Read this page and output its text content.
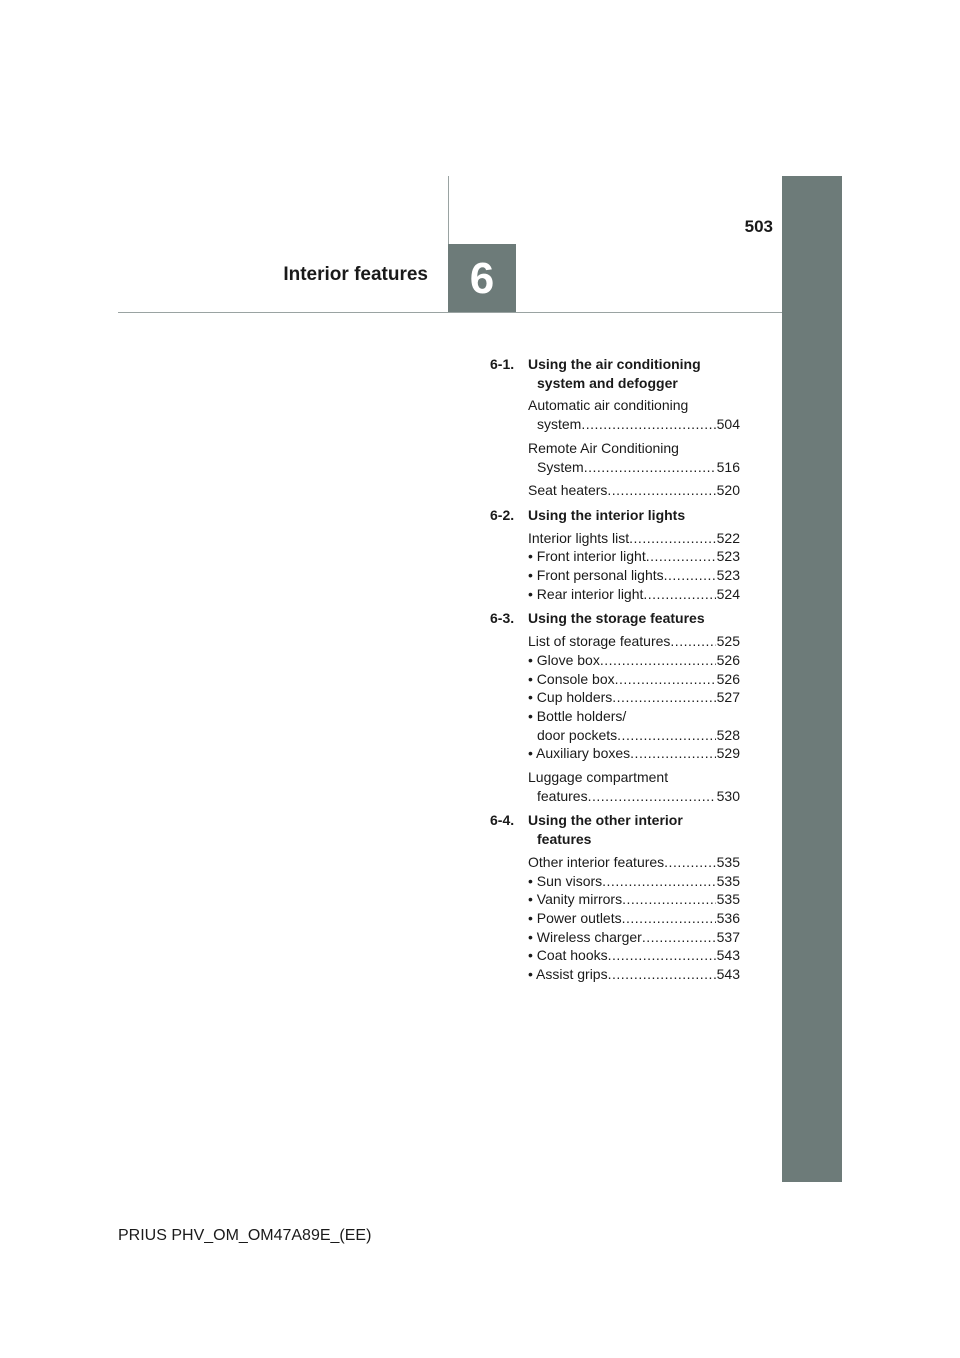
503
6
Interior features
6-1. Using the air conditioning
system and defogger
Automatic air conditioning
system .....	504
Remote Air Conditioning
System .....	516
Seat heaters .....	520
6-2. Using the interior lights
Interior lights list .....	522
• Front interior light .....	523
• Front personal lights .....	523
• Rear interior light .....	524
6-3. Using the storage features
List of storage features .....	525
• Glove box .....	526
• Console box .....	526
• Cup holders .....	527
• Bottle holders/
door pockets .....	528
• Auxiliary boxes .....	529
Luggage compartment
features .....	530
6-4. Using the other interior
features
Other interior features .....	535
• Sun visors .....	535
• Vanity mirrors .....	535
• Power outlets .....	536
• Wireless charger .....	537
• Coat hooks .....	543
• Assist grips .....	543
PRIUS PHV_OM_OM47A89E_(EE)
